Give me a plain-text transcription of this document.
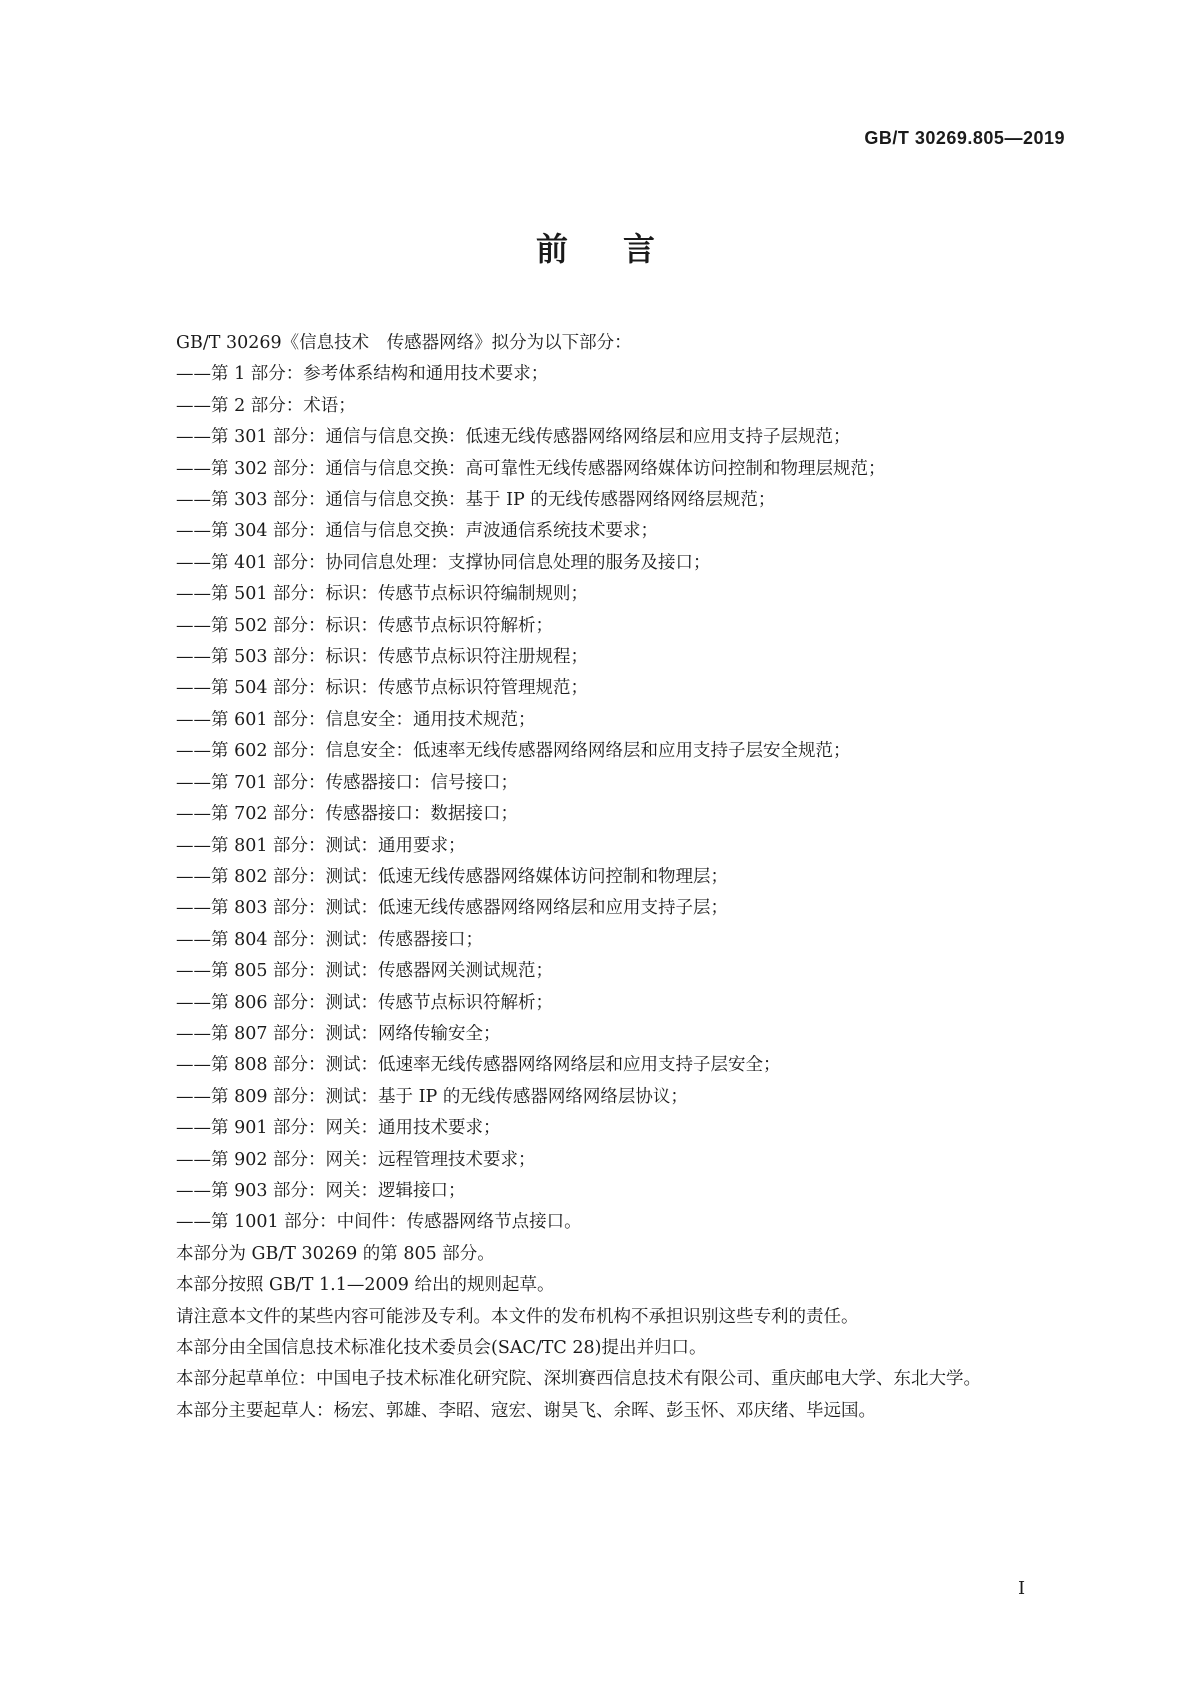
GB/T 30269.805—2019
前言

GB/T 30269《信息技术　传感器网络》拟分为以下部分：

——第 1 部分：参考体系结构和通用技术要求；

——第 2 部分：术语；

——第 301 部分：通信与信息交换：低速无线传感器网络网络层和应用支持子层规范；

——第 302 部分：通信与信息交换：高可靠性无线传感器网络媒体访问控制和物理层规范；

——第 303 部分：通信与信息交换：基于 IP 的无线传感器网络网络层规范；

——第 304 部分：通信与信息交换：声波通信系统技术要求；

——第 401 部分：协同信息处理：支撑协同信息处理的服务及接口；

——第 501 部分：标识：传感节点标识符编制规则；

——第 502 部分：标识：传感节点标识符解析；

——第 503 部分：标识：传感节点标识符注册规程；

——第 504 部分：标识：传感节点标识符管理规范；

——第 601 部分：信息安全：通用技术规范；

——第 602 部分：信息安全：低速率无线传感器网络网络层和应用支持子层安全规范；

——第 701 部分：传感器接口：信号接口；

——第 702 部分：传感器接口：数据接口；

——第 801 部分：测试：通用要求；

——第 802 部分：测试：低速无线传感器网络媒体访问控制和物理层；

——第 803 部分：测试：低速无线传感器网络网络层和应用支持子层；

——第 804 部分：测试：传感器接口；

——第 805 部分：测试：传感器网关测试规范；

——第 806 部分：测试：传感节点标识符解析；

——第 807 部分：测试：网络传输安全；

——第 808 部分：测试：低速率无线传感器网络网络层和应用支持子层安全；

——第 809 部分：测试：基于 IP 的无线传感器网络网络层协议；

——第 901 部分：网关：通用技术要求；

——第 902 部分：网关：远程管理技术要求；

——第 903 部分：网关：逻辑接口；

——第 1001 部分：中间件：传感器网络节点接口。

本部分为 GB/T 30269 的第 805 部分。

本部分按照 GB/T 1.1—2009 给出的规则起草。

请注意本文件的某些内容可能涉及专利。本文件的发布机构不承担识别这些专利的责任。

本部分由全国信息技术标准化技术委员会(SAC/TC 28)提出并归口。

本部分起草单位：中国电子技术标准化研究院、深圳赛西信息技术有限公司、重庆邮电大学、东北大学。

本部分主要起草人：杨宏、郭雄、李昭、寇宏、谢昊飞、余晖、彭玉怀、邓庆绪、毕远国。

I
